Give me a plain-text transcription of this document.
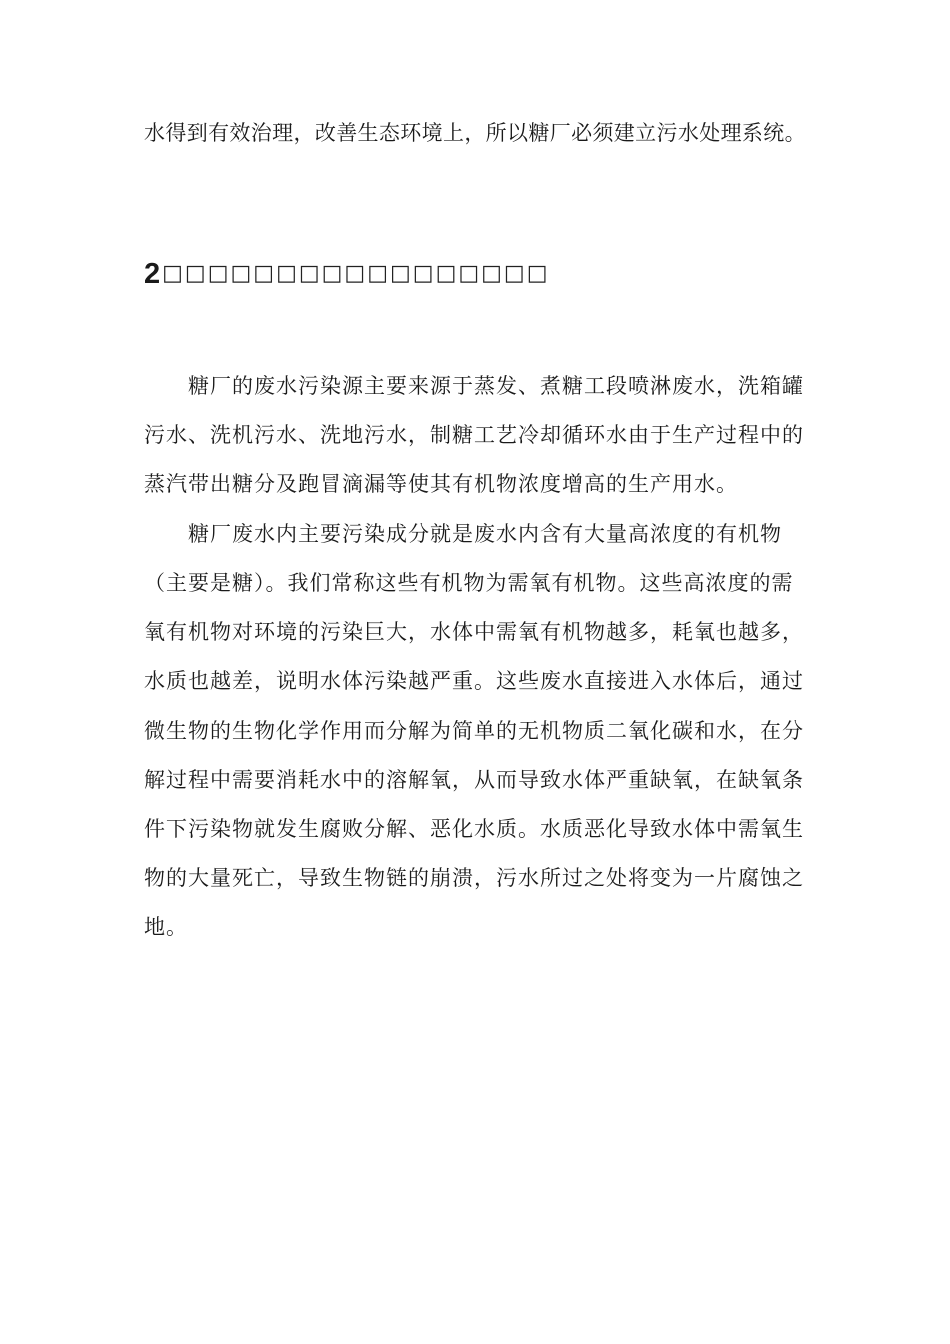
水得到有效治理，改善生态环境上，所以糖厂必须建立污水处理系统。
2 □□□□□□□□□□□□□□□□□
糖厂的废水污染源主要来源于蒸发、煮糖工段喷淋废水，洗箱罐
污水、洗机污水、洗地污水，制糖工艺冷却循环水由于生产过程中的
蒸汽带出糖分及跑冒滴漏等使其有机物浓度增高的生产用水。
糖厂废水内主要污染成分就是废水内含有大量高浓度的有机物
（主要是糖）。我们常称这些有机物为需氧有机物。这些高浓度的需
氧有机物对环境的污染巨大，水体中需氧有机物越多，耗氧也越多，
水质也越差，说明水体污染越严重。这些废水直接进入水体后，通过
微生物的生物化学作用而分解为简单的无机物质二氧化碳和水，在分
解过程中需要消耗水中的溶解氧，从而导致水体严重缺氧，在缺氧条
件下污染物就发生腐败分解、恶化水质。水质恶化导致水体中需氧生
物的大量死亡，导致生物链的崩溃，污水所过之处将变为一片腐蚀之
地。
